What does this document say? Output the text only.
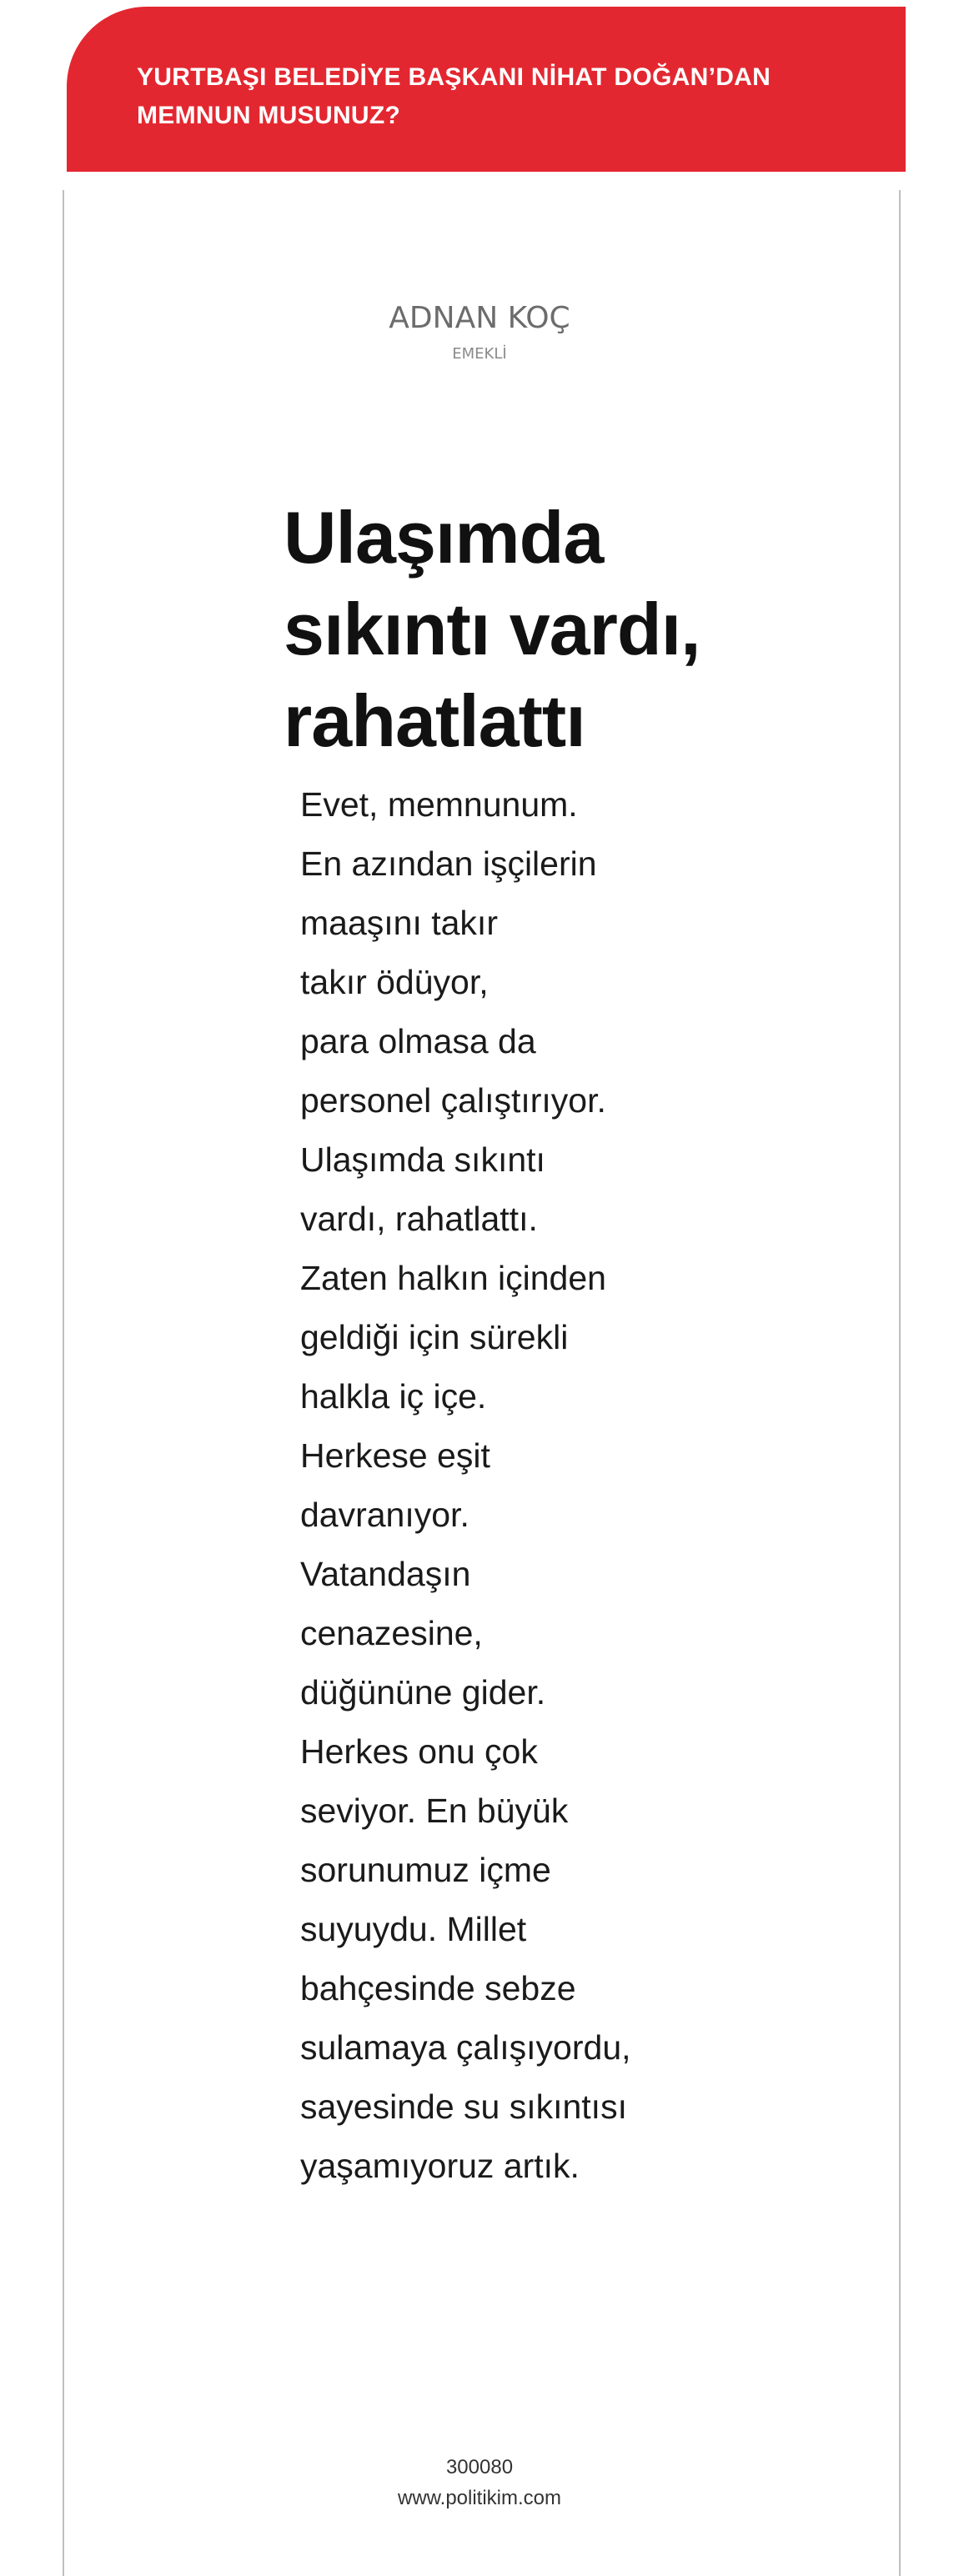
YURTBAŞI BELEDİYE BAŞKANI NİHAT DOĞAN’DAN
MEMNUN MUSUNUZ?
ADNAN KOÇ
EMEKLİ
Ulaşımda
sıkıntı vardı,
rahatlattı
Evet, memnunum.
En azından işçilerin
maaşını takır
takır ödüyor,
para olmasa da
personel çalıştırıyor.
Ulaşımda sıkıntı
vardı, rahatlattı.
Zaten halkın içinden
geldiği için sürekli
halkla iç içe.
Herkese eşit
davranıyor.
Vatandaşın
cenazesine,
düğününe gider.
Herkes onu çok
seviyor. En büyük
sorunumuz içme
suyuydu. Millet
bahçesinde sebze
sulamaya çalışıyordu,
sayesinde su sıkıntısı
yaşamıyoruz artık.
300080
www.politikim.com
